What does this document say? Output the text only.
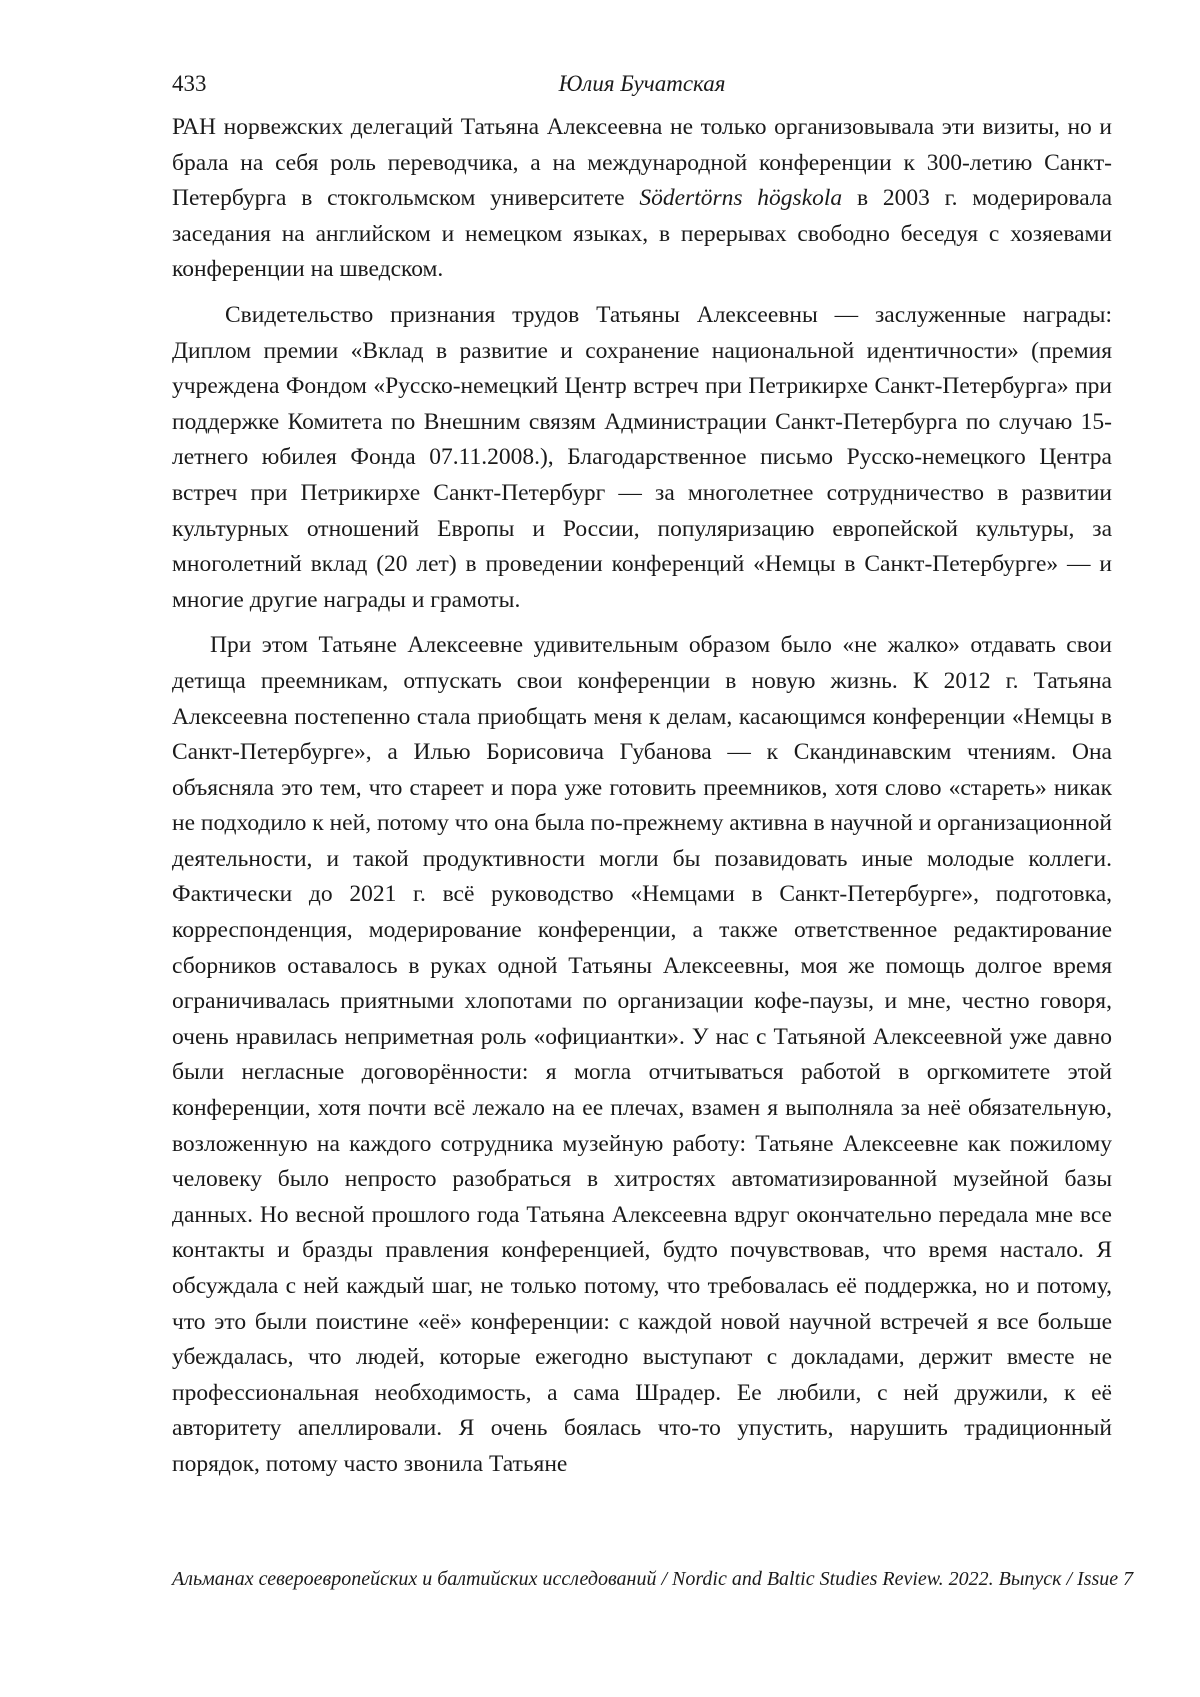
433	Юлия Бучатская

РАН норвежских делегаций Татьяна Алексеевна не только организовывала эти визиты, но и брала на себя роль переводчика, а на международной конференции к 300-летию Санкт-Петербурга в стокгольмском университете Södertörns högskola в 2003 г. модерировала заседания на английском и немецком языках, в перерывах свободно беседуя с хозяевами конференции на шведском.

Свидетельство признания трудов Татьяны Алексеевны — заслуженные награды: Диплом премии «Вклад в развитие и сохранение национальной идентичности» (премия учреждена Фондом «Русско-немецкий Центр встреч при Петрикирхе Санкт-Петербурга» при поддержке Комитета по Внешним связям Администрации Санкт-Петербурга по случаю 15-летнего юбилея Фонда 07.11.2008.), Благодарственное письмо Русско-немецкого Центра встреч при Петрикирхе Санкт-Петербург — за многолетнее сотрудничество в развитии культурных отношений Европы и России, популяризацию европейской культуры, за многолетний вклад (20 лет) в проведении конференций «Немцы в Санкт-Петербурге» — и многие другие награды и грамоты.

При этом Татьяне Алексеевне удивительным образом было «не жалко» отдавать свои детища преемникам, отпускать свои конференции в новую жизнь. К 2012 г. Татьяна Алексеевна постепенно стала приобщать меня к делам, касающимся конференции «Немцы в Санкт-Петербурге», а Илью Борисовича Губанова — к Скандинавским чтениям. Она объясняла это тем, что стареет и пора уже готовить преемников, хотя слово «стареть» никак не подходило к ней, потому что она была по-прежнему активна в научной и организационной деятельности, и такой продуктивности могли бы позавидовать иные молодые коллеги. Фактически до 2021 г. всё руководство «Немцами в Санкт-Петербурге», подготовка, корреспонденция, модерирование конференции, а также ответственное редактирование сборников оставалось в руках одной Татьяны Алексеевны, моя же помощь долгое время ограничивалась приятными хлопотами по организации кофе-паузы, и мне, честно говоря, очень нравилась неприметная роль «официантки». У нас с Татьяной Алексеевной уже давно были негласные договорённости: я могла отчитываться работой в оргкомитете этой конференции, хотя почти всё лежало на ее плечах, взамен я выполняла за неё обязательную, возложенную на каждого сотрудника музейную работу: Татьяне Алексеевне как пожилому человеку было непросто разобраться в хитростях автоматизированной музейной базы данных. Но весной прошлого года Татьяна Алексеевна вдруг окончательно передала мне все контакты и бразды правления конференцией, будто почувствовав, что время настало. Я обсуждала с ней каждый шаг, не только потому, что требовалась её поддержка, но и потому, что это были поистине «её» конференции: с каждой новой научной встречей я все больше убеждалась, что людей, которые ежегодно выступают с докладами, держит вместе не профессиональная необходимость, а сама Шрадер. Ее любили, с ней дружили, к её авторитету апеллировали. Я очень боялась что-то упустить, нарушить традиционный порядок, потому часто звонила Татьяне

Альманах североевропейских и балтийских исследований / Nordic and Baltic Studies Review. 2022. Выпуск / Issue 7
